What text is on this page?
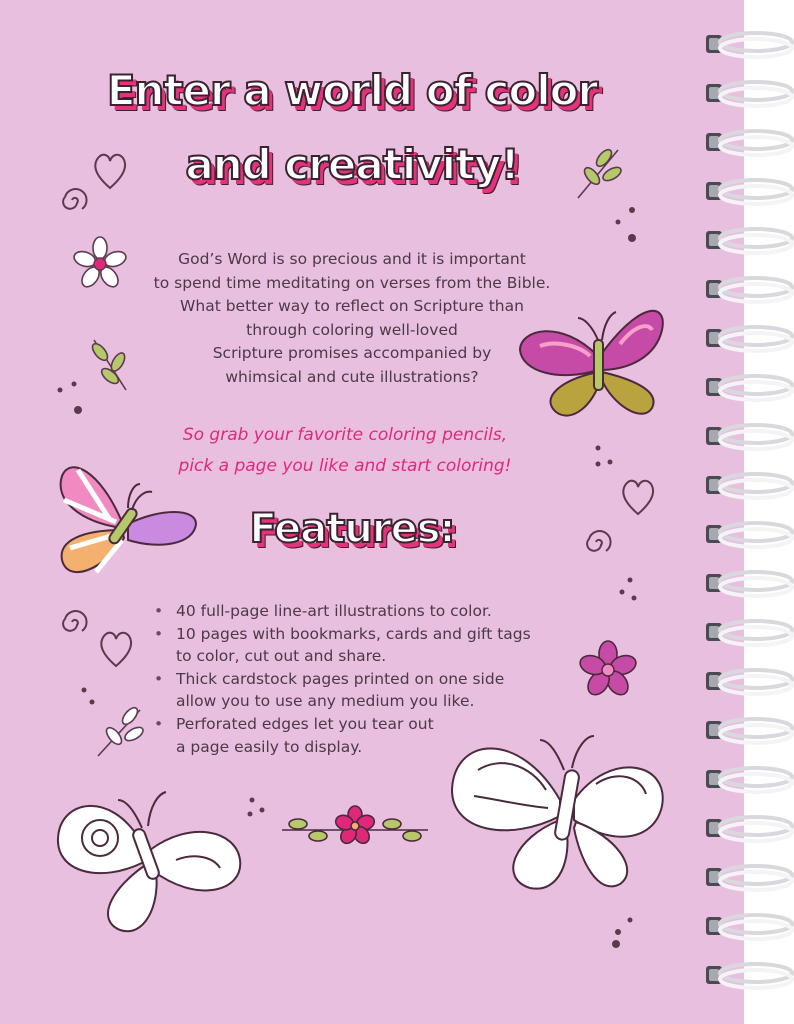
Enter a world of color
and creativity!
God’s Word is so precious and it is important
to spend time meditating on verses from the Bible.
What better way to reflect on Scripture than
through coloring well-loved
Scripture promises accompanied by
whimsical and cute illustrations?
So grab your favorite coloring pencils,
pick a page you like and start coloring!
Features:
• 40 full-page line-art illustrations to color.
• 10 pages with bookmarks, cards and gift tags
to color, cut out and share.
• Thick cardstock pages printed on one side
allow you to use any medium you like.
• Perforated edges let you tear out
a page easily to display.
